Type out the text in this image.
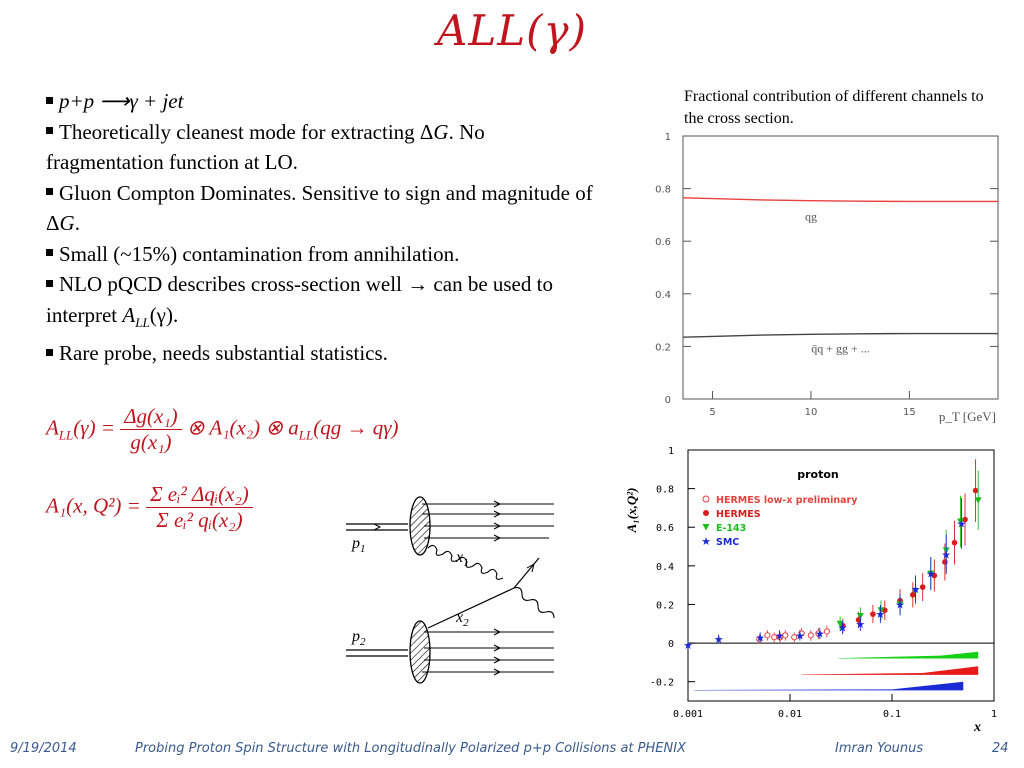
ALL(γ)

p+p ⟶γ + jet

Theoretically cleanest mode for extracting ΔG. No fragmentation function at LO.

Gluon Compton Dominates. Sensitive to sign and magnitude of ΔG.

Small (~15%) contamination from annihilation.

NLO pQCD describes cross-section well → can be used to interpret $A_{LL}(\gamma)$.

Rare probe, needs substantial statistics.

$A_{LL}(\gamma) = \frac{\text{Δg(x₁)}}{\text{g(x₁)}}$ ⊗ A₁(x₂) ⊗ $a_{LL}(qg \to q\gamma)$
A₁(x, $Q^2) = \frac{\text{Σ eᵢ² Δqᵢ(x₂)}}{\text{Σ eᵢ² qᵢ(x₂)}}$
Fractional contribution of different channels to the cross section.
0
0.2
0.4
0.6
0.8
1
5	10	15 p_T [GeV]
qg
q̄q + gg + ...
-0.2
0
0.2
0.4
0.6
0.8
1
0.001	0.01	0.1	1
x
A₁(x,Q²)
proton
★ ★	★ ★ ★ ★ ★ ★
★
★
★
★
★
★
HERMES low-x preliminary
HERMES
E-143
★ SMC
$p_1$
$p_2$
$x_1$
$x_2$
9/19/2014	Probing Proton Spin Structure with Longitudinally Polarized p+p Collisions at PHENIX	Imran Younus	24
